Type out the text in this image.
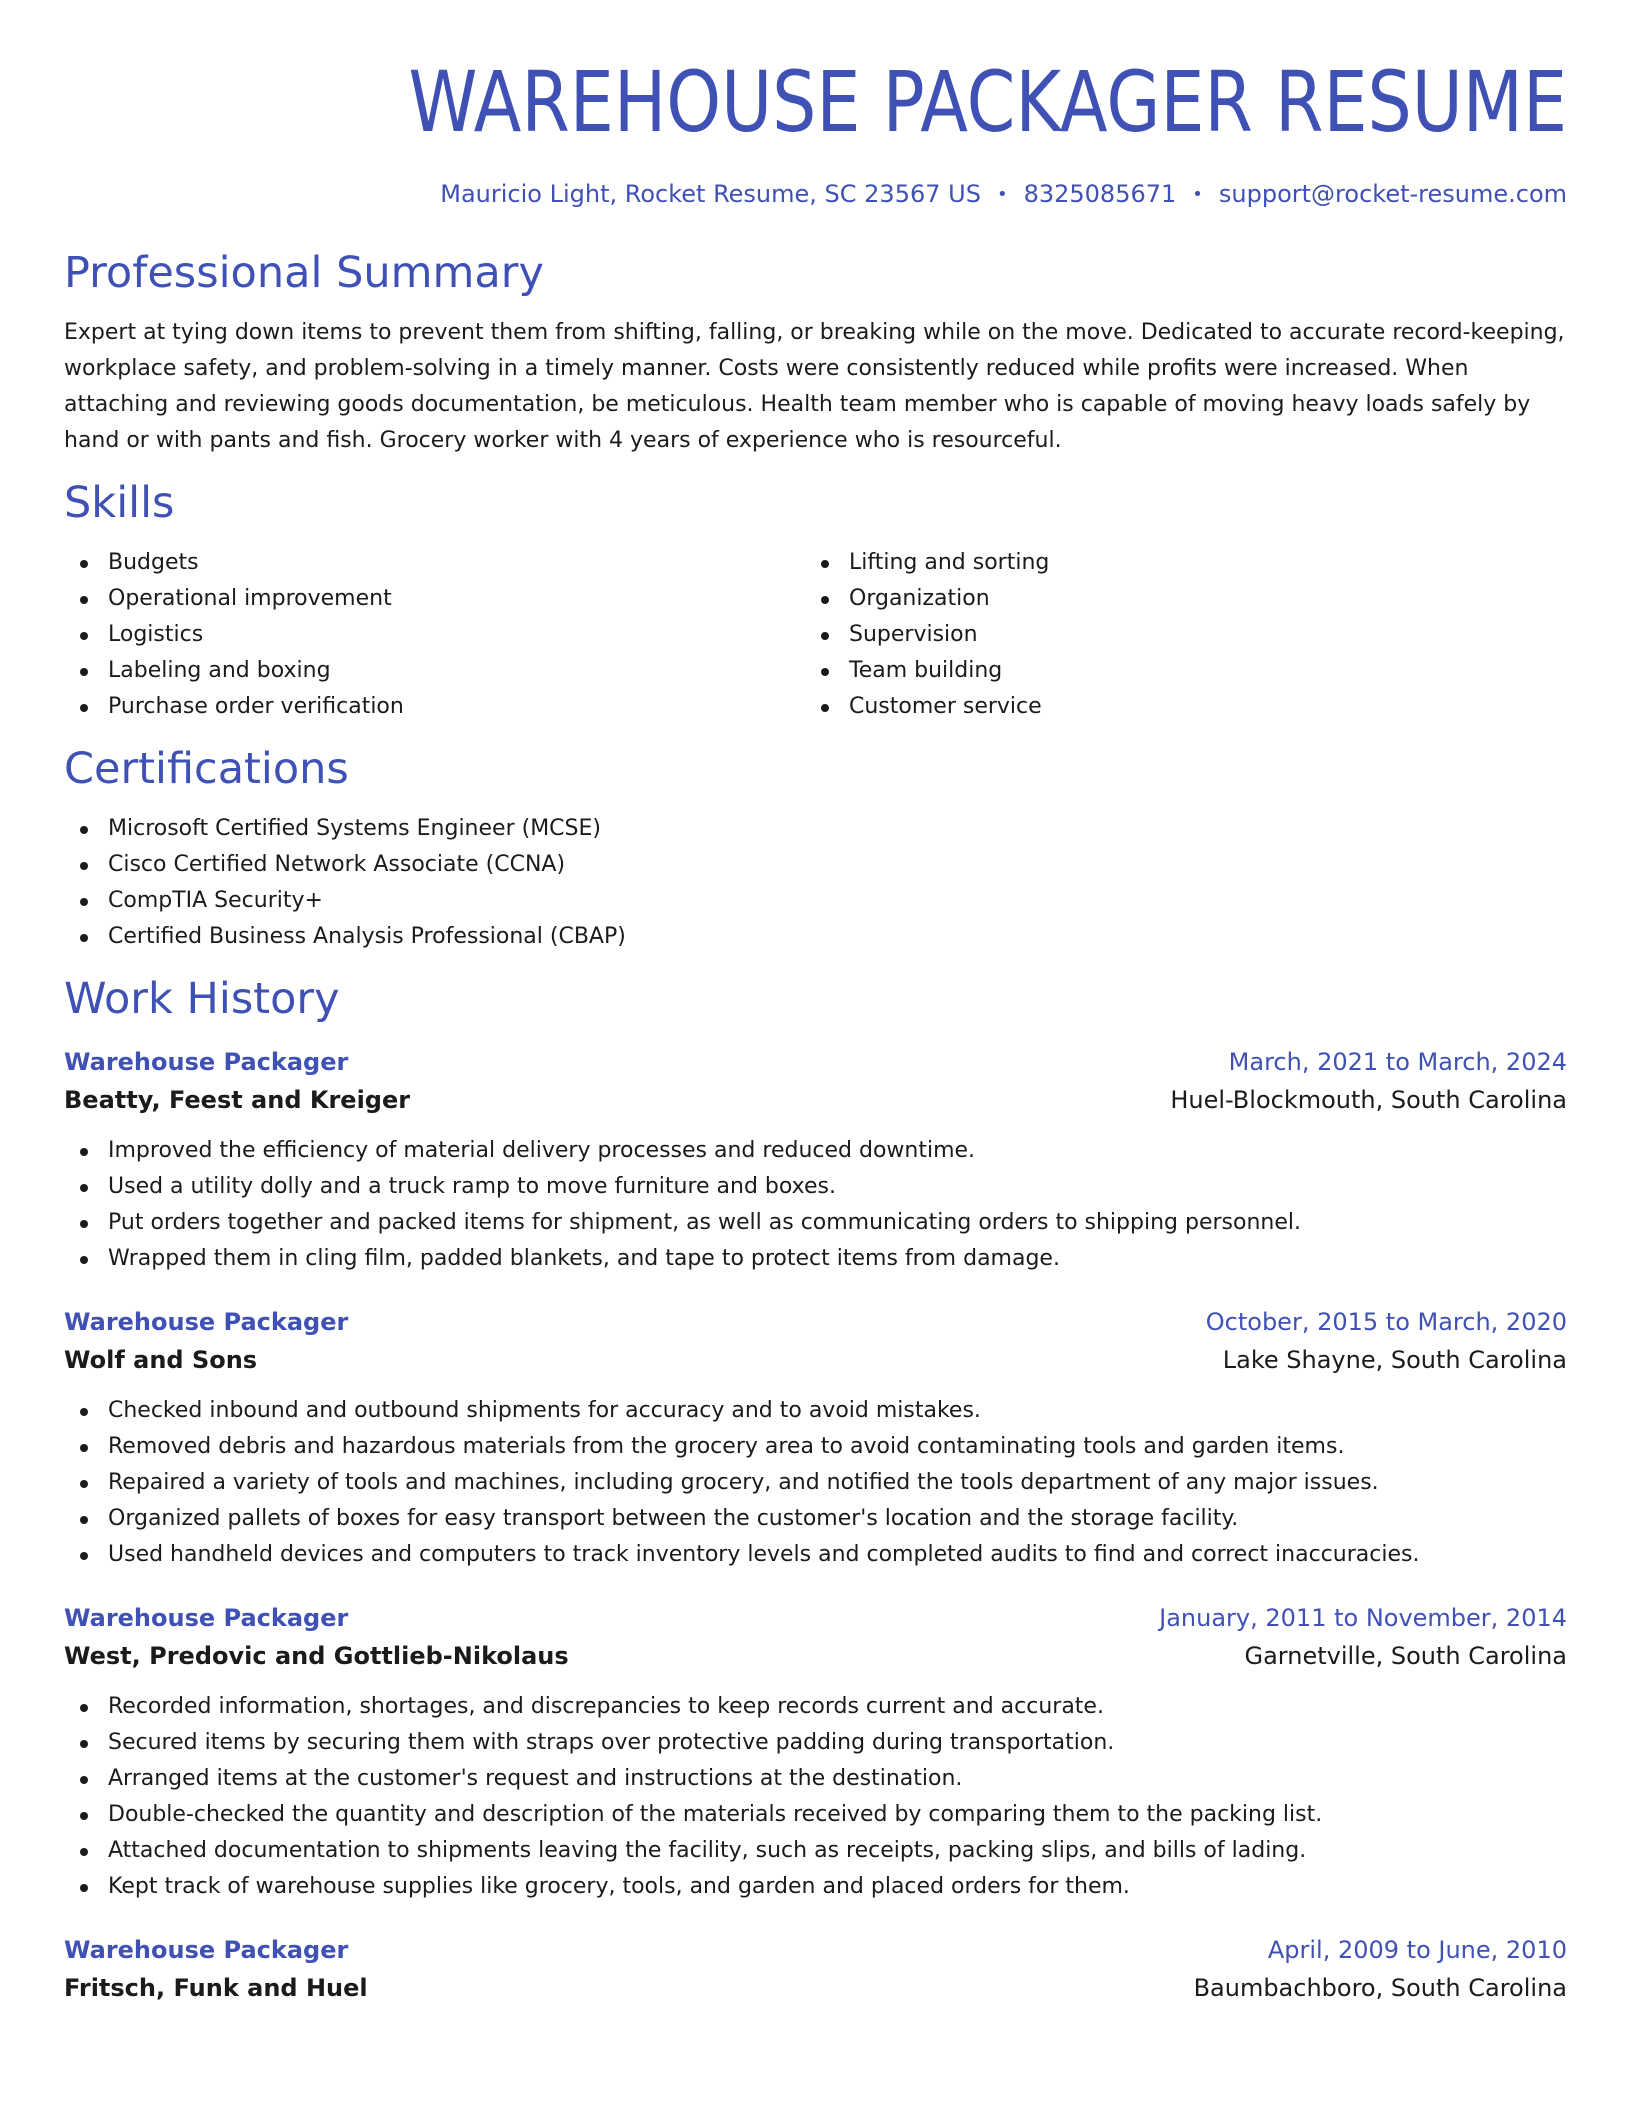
WAREHOUSE PACKAGER RESUME
Mauricio Light, Rocket Resume, SC 23567 US • 8325085671 • support@rocket-resume.com
Professional Summary

Expert at tying down items to prevent them from shifting, falling, or breaking while on the move. Dedicated to accurate record-keeping, workplace safety, and problem-solving in a timely manner. Costs were consistently reduced while profits were increased. When attaching and reviewing goods documentation, be meticulous. Health team member who is capable of moving heavy loads safely by hand or with pants and fish. Grocery worker with 4 years of experience who is resourceful.

Skills
Budgets
Operational improvement
Logistics
Labeling and boxing
Purchase order verification
Lifting and sorting
Organization
Supervision
Team building
Customer service
Certifications
Microsoft Certified Systems Engineer (MCSE)
Cisco Certified Network Associate (CCNA)
CompTIA Security+
Certified Business Analysis Professional (CBAP)
Work History
Warehouse Packager	March, 2021 to March, 2024
Beatty, Feest and Kreiger	Huel-Blockmouth, South Carolina
Improved the efficiency of material delivery processes and reduced downtime.
Used a utility dolly and a truck ramp to move furniture and boxes.
Put orders together and packed items for shipment, as well as communicating orders to shipping personnel.
Wrapped them in cling film, padded blankets, and tape to protect items from damage.
Warehouse Packager	October, 2015 to March, 2020
Wolf and Sons	Lake Shayne, South Carolina
Checked inbound and outbound shipments for accuracy and to avoid mistakes.
Removed debris and hazardous materials from the grocery area to avoid contaminating tools and garden items.
Repaired a variety of tools and machines, including grocery, and notified the tools department of any major issues.
Organized pallets of boxes for easy transport between the customer's location and the storage facility.
Used handheld devices and computers to track inventory levels and completed audits to find and correct inaccuracies.
Warehouse Packager	January, 2011 to November, 2014
West, Predovic and Gottlieb-Nikolaus	Garnetville, South Carolina
Recorded information, shortages, and discrepancies to keep records current and accurate.
Secured items by securing them with straps over protective padding during transportation.
Arranged items at the customer's request and instructions at the destination.
Double-checked the quantity and description of the materials received by comparing them to the packing list.
Attached documentation to shipments leaving the facility, such as receipts, packing slips, and bills of lading.
Kept track of warehouse supplies like grocery, tools, and garden and placed orders for them.
Warehouse Packager	April, 2009 to June, 2010
Fritsch, Funk and Huel	Baumbachboro, South Carolina
